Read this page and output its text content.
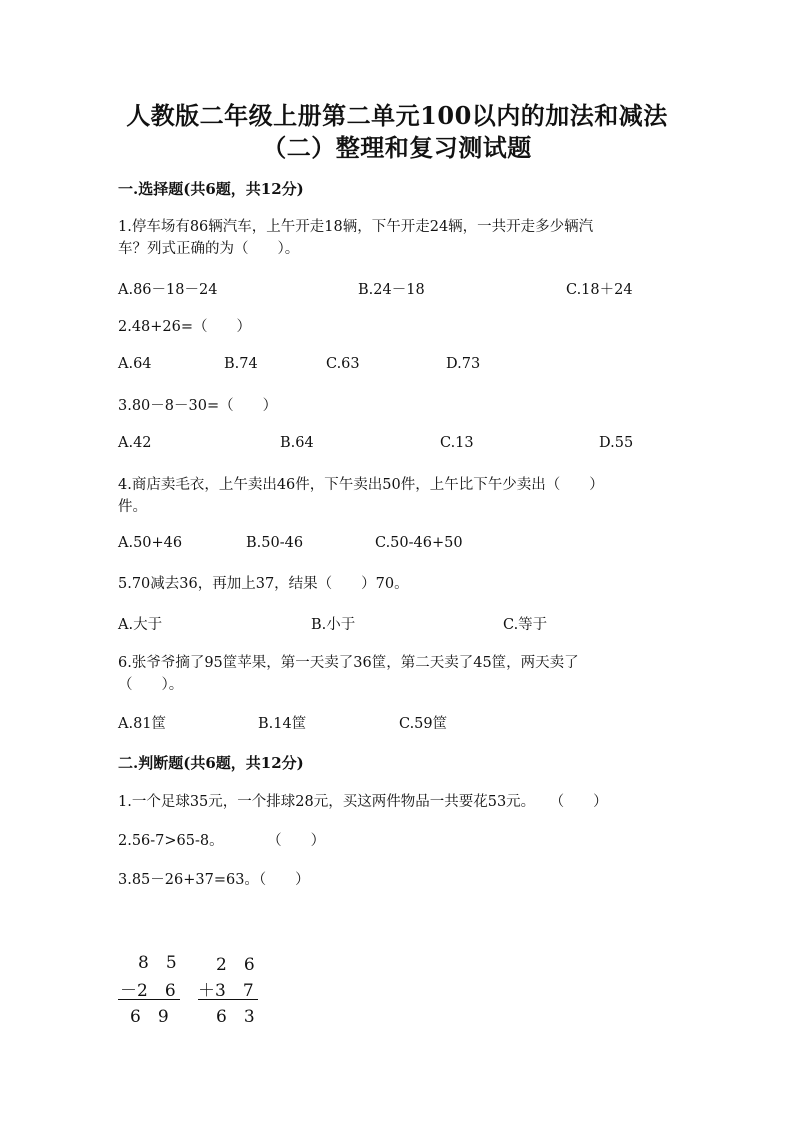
人教版二年级上册第二单元100以内的加法和减法
（二）整理和复习测试题
一.选择题(共6题，共12分)
1.停车场有86辆汽车，上午开走18辆，下午开走24辆，一共开走多少辆汽
车？列式正确的为（　　）。
A.86－18－24	B.24－18	C.18＋24
2.48+26=（　　）
A.64	B.74	C.63	D.73
3.80－8－30=（　　）
A.42	B.64	C.13	D.55
4.商店卖毛衣，上午卖出46件，下午卖出50件，上午比下午少卖出（　　）
件。
A.50+46	B.50-46	C.50-46+50
5.70减去36，再加上37，结果（　　）70。
A.大于	B.小于	C.等于
6.张爷爷摘了95筐苹果，第一天卖了36筐，第二天卖了45筐，两天卖了
（　　）。
A.81筐	B.14筐	C.59筐
二.判断题(共6题，共12分)
1.一个足球35元，一个排球28元，买这两件物品一共要花53元。　　（　　）
2.56-7>65-8。　　　　（　　）
3.85－26+37=63。（　　）
8　5
－2　6
6　9
2　6
＋3　7
6　3
